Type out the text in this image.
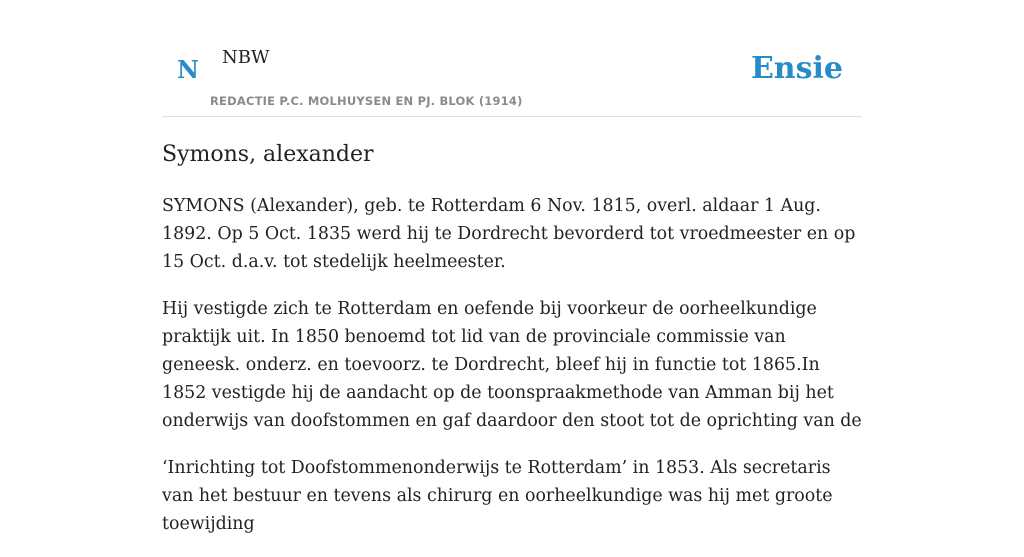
N NBW
REDACTIE P.C. MOLHUYSEN EN PJ. BLOK (1914)
Ensie
Symons, alexander

SYMONS (Alexander), geb. te Rotterdam 6 Nov. 1815, overl. aldaar 1 Aug. 1892. Op 5 Oct. 1835 werd hij te Dordrecht bevorderd tot vroedmeester en op 15 Oct. d.a.v. tot stedelijk heelmeester.

Hij vestigde zich te Rotterdam en oefende bij voorkeur de oorheelkundige praktijk uit. In 1850 benoemd tot lid van de provinciale commissie van geneesk. onderz. en toevoorz. te Dordrecht, bleef hij in functie tot 1865.In 1852 vestigde hij de aandacht op de toonspraakmethode van Amman bij het onderwijs van doofstommen en gaf daardoor den stoot tot de oprichting van de

‘Inrichting tot Doofstommenonderwijs te Rotterdam’ in 1853. Als secretaris van het bestuur en tevens als chirurg en oorheelkundige was hij met groote toewijding
